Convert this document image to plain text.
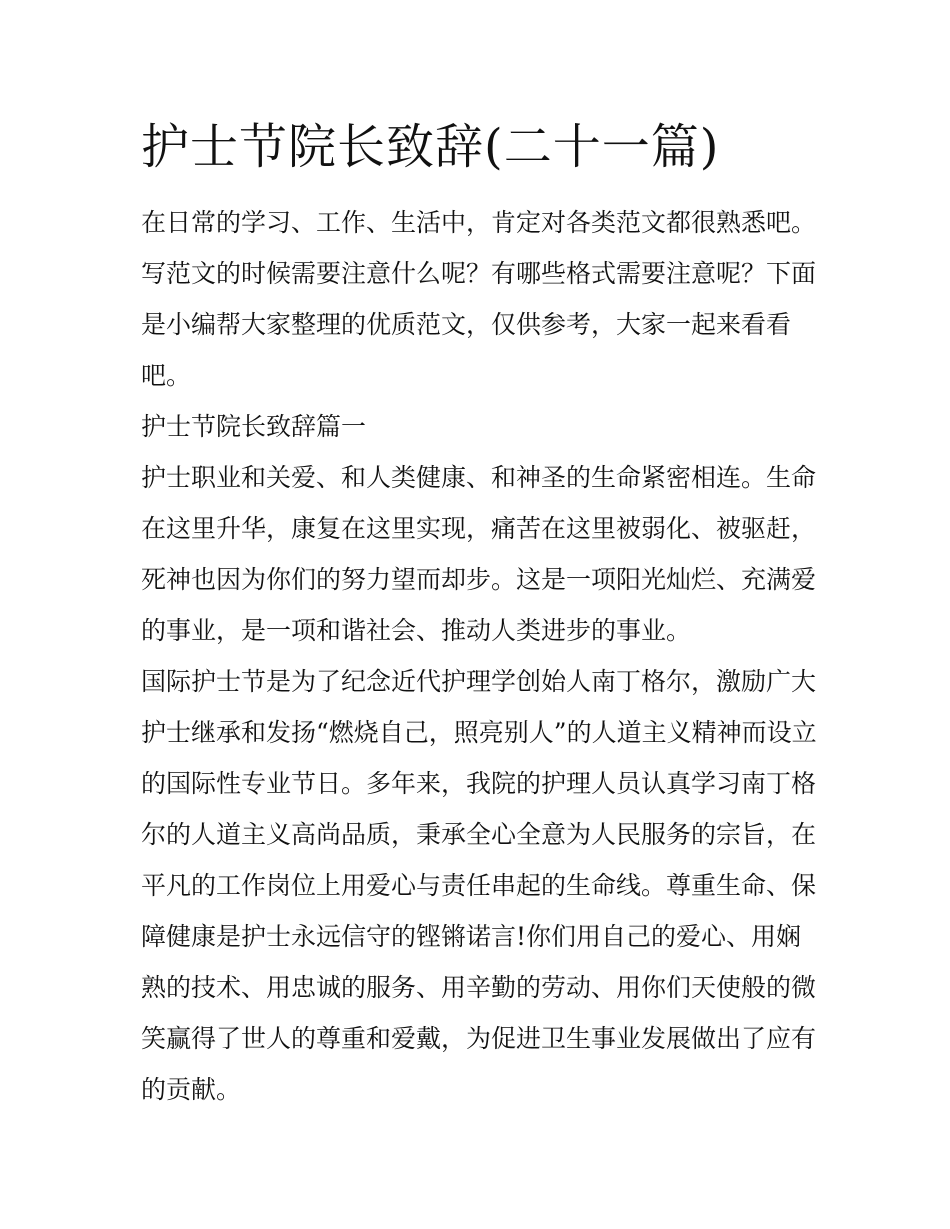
护士节院长致辞(二十一篇)
在日常的学习、工作、生活中，肯定对各类范文都很熟悉吧。
写范文的时候需要注意什么呢？有哪些格式需要注意呢？下面
是小编帮大家整理的优质范文，仅供参考，大家一起来看看
吧。
护士节院长致辞篇一
护士职业和关爱、和人类健康、和神圣的生命紧密相连。生命
在这里升华，康复在这里实现，痛苦在这里被弱化、被驱赶，
死神也因为你们的努力望而却步。这是一项阳光灿烂、充满爱
的事业，是一项和谐社会、推动人类进步的事业。
国际护士节是为了纪念近代护理学创始人南丁格尔，激励广大
护士继承和发扬“燃烧自己，照亮别人”的人道主义精神而设立
的国际性专业节日。多年来，我院的护理人员认真学习南丁格
尔的人道主义高尚品质，秉承全心全意为人民服务的宗旨，在
平凡的工作岗位上用爱心与责任串起的生命线。尊重生命、保
障健康是护士永远信守的铿锵诺言!你们用自己的爱心、用娴
熟的技术、用忠诚的服务、用辛勤的劳动、用你们天使般的微
笑赢得了世人的尊重和爱戴，为促进卫生事业发展做出了应有
的贡献。
